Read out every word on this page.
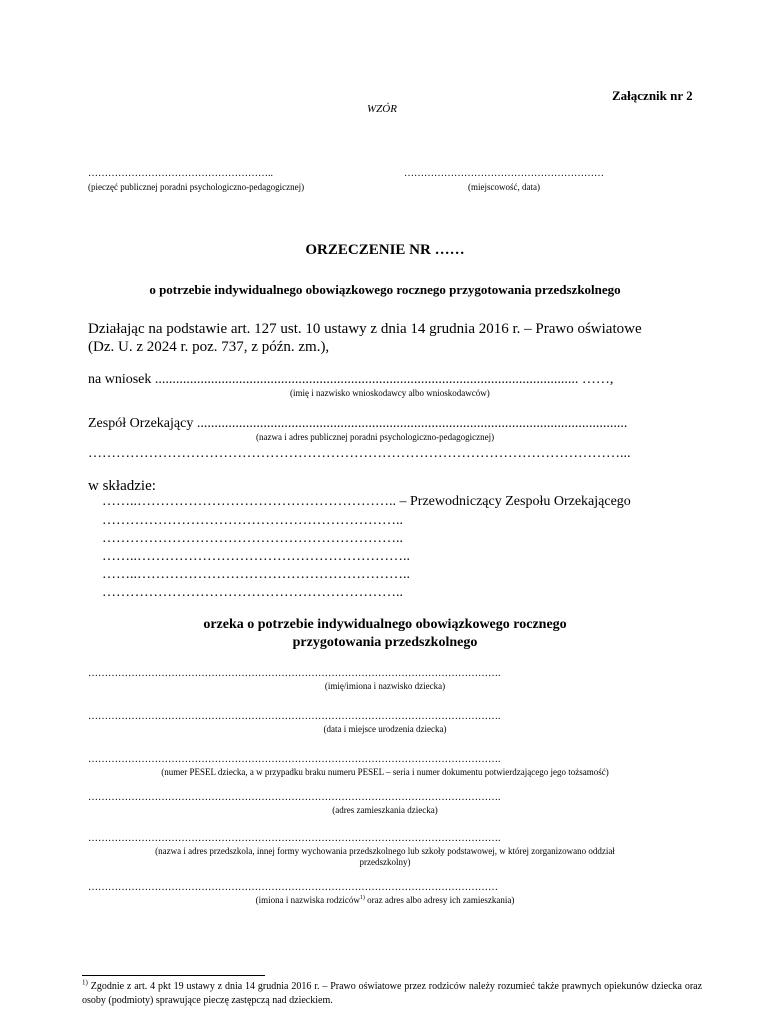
Załącznik nr 2
WZÓR
………………………………………………..
(pieczęć publicznej poradni psychologiczno-pedagogicznej)
……………………………………………………
(miejscowość, data)
ORZECZENIE NR ……
o potrzebie indywidualnego obowiązkowego rocznego przygotowania przedszkolnego
Działając na podstawie art. 127 ust. 10 ustawy z dnia 14 grudnia 2016 r. – Prawo oświatowe
(Dz. U. z 2024 r. poz. 737, z późn. zm.),
na wniosek ......................................................................................................................... ……,
(imię i nazwisko wnioskodawcy albo wnioskodawców)
Zespół Orzekający ...........................................................................................................................
(nazwa i adres publicznej poradni psychologiczno-pedagogicznej)
……………………………………………………………………………………………………...
w składzie:
……..……………………………………………….. – Przewodniczący Zespołu Orzekającego
………………………………………………………..
………………………………………………………..
……..…………………………………………………..
……..…………………………………………………..
………………………………………………………..
orzeka o potrzebie indywidualnego obowiązkowego rocznego
przygotowania przedszkolnego
…………………………………………………………………………………………………………….
(imię/imiona i nazwisko dziecka)
…………………………………………………………………………………………………………….
(data i miejsce urodzenia dziecka)
…………………………………………………………………………………………………………….
(numer PESEL dziecka, a w przypadku braku numeru PESEL – seria i numer dokumentu potwierdzającego jego tożsamość)
…………………………………………………………………………………………………………….
(adres zamieszkania dziecka)
…………………………………………………………………………………………………………….
(nazwa i adres przedszkola, innej formy wychowania przedszkolnego lub szkoły podstawowej, w której zorganizowano oddział
przedszkolny)
……………………………………………………………………………………………………………
(imiona i nazwiska rodziców$^{1)}$ oraz adres albo adresy ich zamieszkania)
$^{1)}$ Zgodnie z art. 4 pkt 19 ustawy z dnia 14 grudnia 2016 r. – Prawo oświatowe przez rodziców należy rozumieć także prawnych opiekunów dziecka oraz osoby (podmioty) sprawujące pieczę zastępczą nad dzieckiem.
